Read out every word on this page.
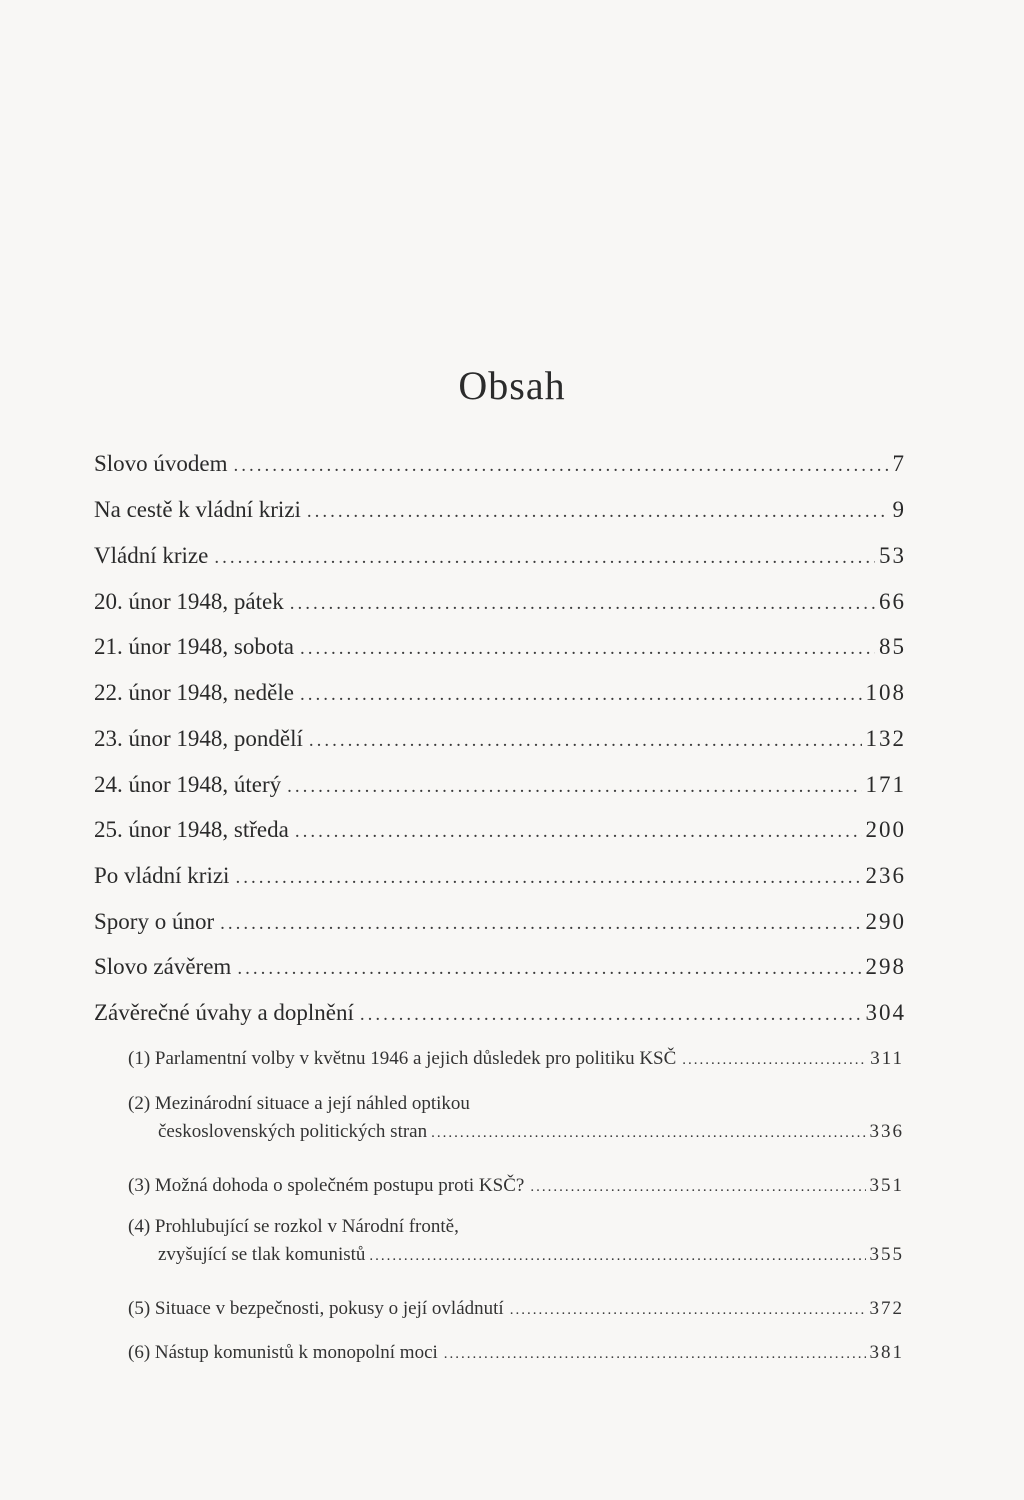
Obsah
Slovo úvodem .....	7
Na cestě k vládní krizi .....	9
Vládní krize .....	53
20. únor 1948, pátek .....	66
21. únor 1948, sobota .....	85
22. únor 1948, neděle .....	108
23. únor 1948, pondělí .....	132
24. únor 1948, úterý .....	171
25. únor 1948, středa .....	200
Po vládní krizi .....	236
Spory o únor .....	290
Slovo závěrem .....	298
Závěrečné úvahy a doplnění .....	304
(1) Parlamentní volby v květnu 1946 a jejich důsledek pro politiku KSČ .....	311
(2) Mezinárodní situace a její náhled optikou
československých politických stran .....	336
(3) Možná dohoda o společném postupu proti KSČ? .....	351
(4) Prohlubující se rozkol v Národní frontě,
zvyšující se tlak komunistů .....	355
(5) Situace v bezpečnosti, pokusy o její ovládnutí .....	372
(6) Nástup komunistů k monopolní moci .....	381
